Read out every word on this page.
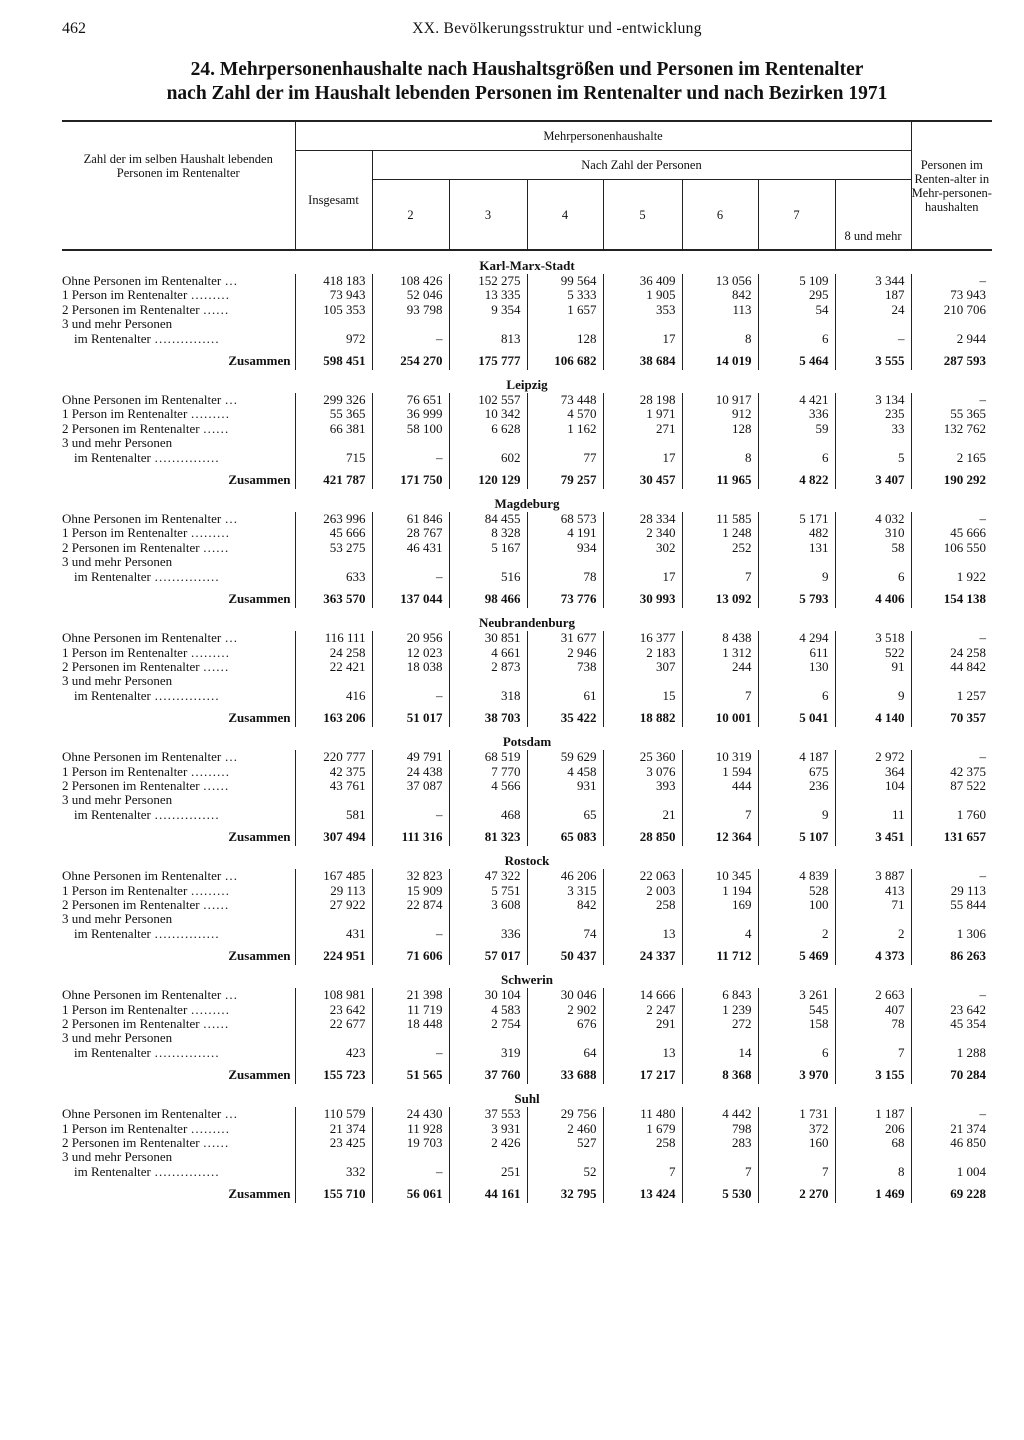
462	XX. Bevölkerungsstruktur und -entwicklung
24. Mehrpersonenhaushalte nach Haushaltsgrößen und Personen im Rentenalter
nach Zahl der im Haushalt lebenden Personen im Rentenalter und nach Bezirken 1971
Zahl der im selben Haushalt lebenden Personen im Rentenalter	Mehrpersonenhaushalte								Personen im Renten-alter in Mehr-personen-haushalten
	Insgesamt	Nach Zahl der Personen							
		2	3	4	5	6	7	8 und mehr	
Karl-Marx-Stadt									
Ohne Personen im Rentenalter …	418 183	108 426	152 275	99 564	36 409	13 056	5 109	3 344	–
1 Person im Rentenalter ………	73 943	52 046	13 335	5 333	1 905	842	295	187	73 943
2 Personen im Rentenalter ……	105 353	93 798	9 354	1 657	353	113	54	24	210 706
3 und mehr Personen									
im Rentenalter ……………	972	–	813	128	17	8	6	–	2 944

Zusammen	598 451	254 270	175 777	106 682	38 684	14 019	5 464	3 555	287 593
Leipzig									
Ohne Personen im Rentenalter …	299 326	76 651	102 557	73 448	28 198	10 917	4 421	3 134	–
1 Person im Rentenalter ………	55 365	36 999	10 342	4 570	1 971	912	336	235	55 365
2 Personen im Rentenalter ……	66 381	58 100	6 628	1 162	271	128	59	33	132 762
3 und mehr Personen									
im Rentenalter ……………	715	–	602	77	17	8	6	5	2 165

Zusammen	421 787	171 750	120 129	79 257	30 457	11 965	4 822	3 407	190 292
Magdeburg									
Ohne Personen im Rentenalter …	263 996	61 846	84 455	68 573	28 334	11 585	5 171	4 032	–
1 Person im Rentenalter ………	45 666	28 767	8 328	4 191	2 340	1 248	482	310	45 666
2 Personen im Rentenalter ……	53 275	46 431	5 167	934	302	252	131	58	106 550
3 und mehr Personen									
im Rentenalter ……………	633	–	516	78	17	7	9	6	1 922

Zusammen	363 570	137 044	98 466	73 776	30 993	13 092	5 793	4 406	154 138
Neubrandenburg									
Ohne Personen im Rentenalter …	116 111	20 956	30 851	31 677	16 377	8 438	4 294	3 518	–
1 Person im Rentenalter ………	24 258	12 023	4 661	2 946	2 183	1 312	611	522	24 258
2 Personen im Rentenalter ……	22 421	18 038	2 873	738	307	244	130	91	44 842
3 und mehr Personen									
im Rentenalter ……………	416	–	318	61	15	7	6	9	1 257

Zusammen	163 206	51 017	38 703	35 422	18 882	10 001	5 041	4 140	70 357
Potsdam									
Ohne Personen im Rentenalter …	220 777	49 791	68 519	59 629	25 360	10 319	4 187	2 972	–
1 Person im Rentenalter ………	42 375	24 438	7 770	4 458	3 076	1 594	675	364	42 375
2 Personen im Rentenalter ……	43 761	37 087	4 566	931	393	444	236	104	87 522
3 und mehr Personen									
im Rentenalter ……………	581	–	468	65	21	7	9	11	1 760

Zusammen	307 494	111 316	81 323	65 083	28 850	12 364	5 107	3 451	131 657
Rostock									
Ohne Personen im Rentenalter …	167 485	32 823	47 322	46 206	22 063	10 345	4 839	3 887	–
1 Person im Rentenalter ………	29 113	15 909	5 751	3 315	2 003	1 194	528	413	29 113
2 Personen im Rentenalter ……	27 922	22 874	3 608	842	258	169	100	71	55 844
3 und mehr Personen									
im Rentenalter ……………	431	–	336	74	13	4	2	2	1 306

Zusammen	224 951	71 606	57 017	50 437	24 337	11 712	5 469	4 373	86 263
Schwerin									
Ohne Personen im Rentenalter …	108 981	21 398	30 104	30 046	14 666	6 843	3 261	2 663	–
1 Person im Rentenalter ………	23 642	11 719	4 583	2 902	2 247	1 239	545	407	23 642
2 Personen im Rentenalter ……	22 677	18 448	2 754	676	291	272	158	78	45 354
3 und mehr Personen									
im Rentenalter ……………	423	–	319	64	13	14	6	7	1 288

Zusammen	155 723	51 565	37 760	33 688	17 217	8 368	3 970	3 155	70 284
Suhl									
Ohne Personen im Rentenalter …	110 579	24 430	37 553	29 756	11 480	4 442	1 731	1 187	–
1 Person im Rentenalter ………	21 374	11 928	3 931	2 460	1 679	798	372	206	21 374
2 Personen im Rentenalter ……	23 425	19 703	2 426	527	258	283	160	68	46 850
3 und mehr Personen									
im Rentenalter ……………	332	–	251	52	7	7	7	8	1 004

Zusammen	155 710	56 061	44 161	32 795	13 424	5 530	2 270	1 469	69 228
